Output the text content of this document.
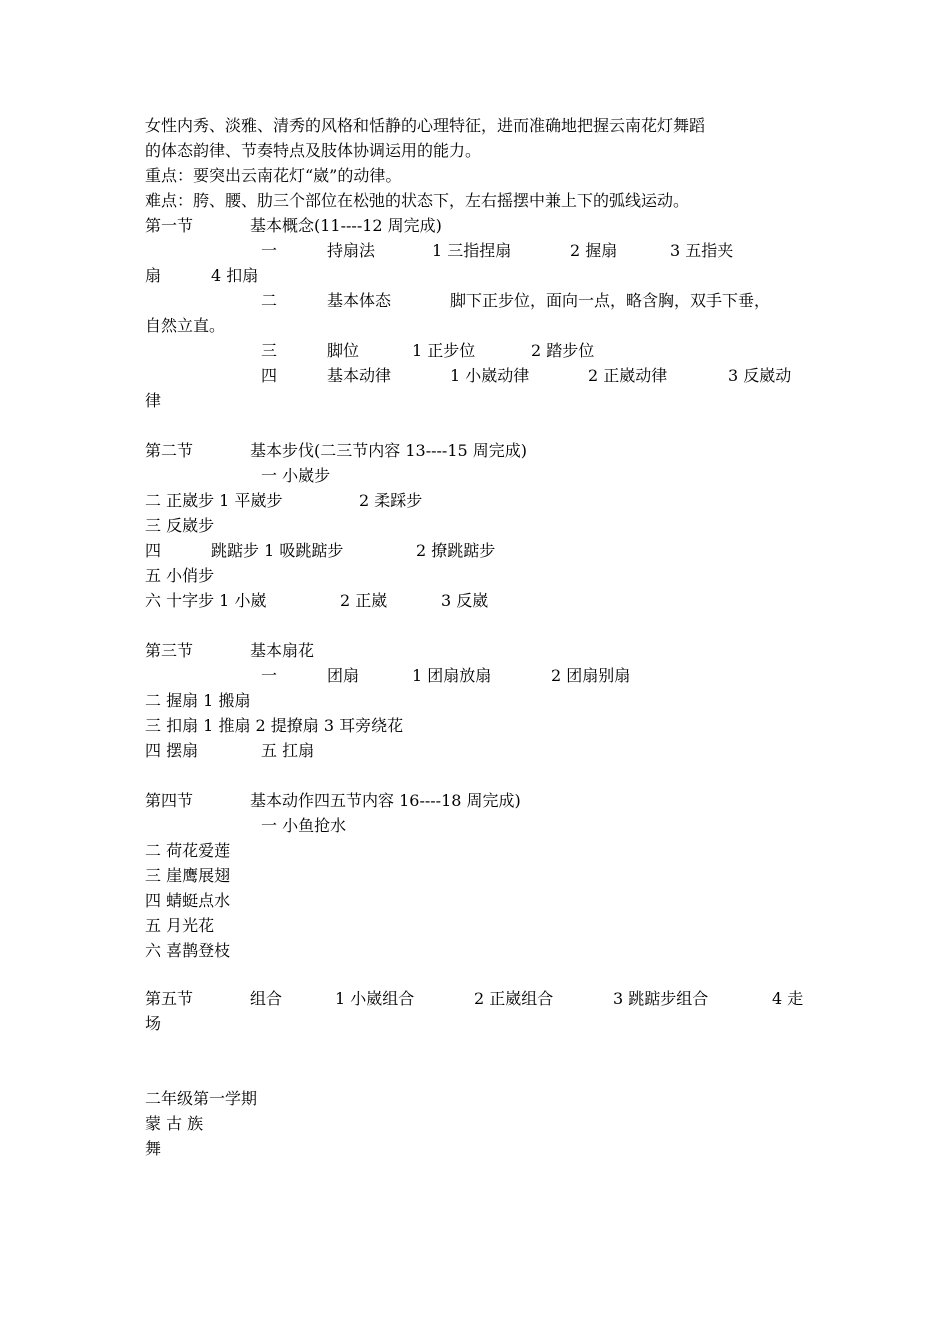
女性内秀、淡雅、清秀的风格和恬静的心理特征，进而准确地把握云南花灯舞蹈
的体态韵律、节奏特点及肢体协调运用的能力。
重点：要突出云南花灯“崴”的动律。
难点：胯、腰、肋三个部位在松弛的状态下，左右摇摆中兼上下的弧线运动。
第一节	基本概念(11----12 周完成)
一	持扇法	1 三指捏扇	2 握扇	3 五指夹
扇	4 扣扇
二	基本体态	脚下正步位，面向一点，略含胸，双手下垂，
自然立直。
三	脚位	1 正步位	2 踏步位
四	基本动律	1 小崴动律	2 正崴动律	3 反崴动
律
第二节	基本步伐(二三节内容 13----15 周完成)
一 小崴步
二 正崴步 1 平崴步	2 柔踩步
三 反崴步
四	跳踮步 1 吸跳踮步	2 撩跳踮步
五 小俏步
六 十字步 1 小崴	2 正崴	3 反崴
第三节	基本扇花
一	团扇	1 团扇放扇	2 团扇别扇
二 握扇 1 搬扇
三 扣扇 1 推扇 2 提撩扇 3 耳旁绕花
四 摆扇	五 扛扇
第四节	基本动作四五节内容 16----18 周完成)
一 小鱼抢水
二 荷花爱莲
三 崖鹰展翅
四 蜻蜓点水
五 月光花
六 喜鹊登枝
第五节	组合	1 小崴组合	2 正崴组合	3 跳踮步组合	4 走
场
二年级第一学期
蒙 古 族
舞
